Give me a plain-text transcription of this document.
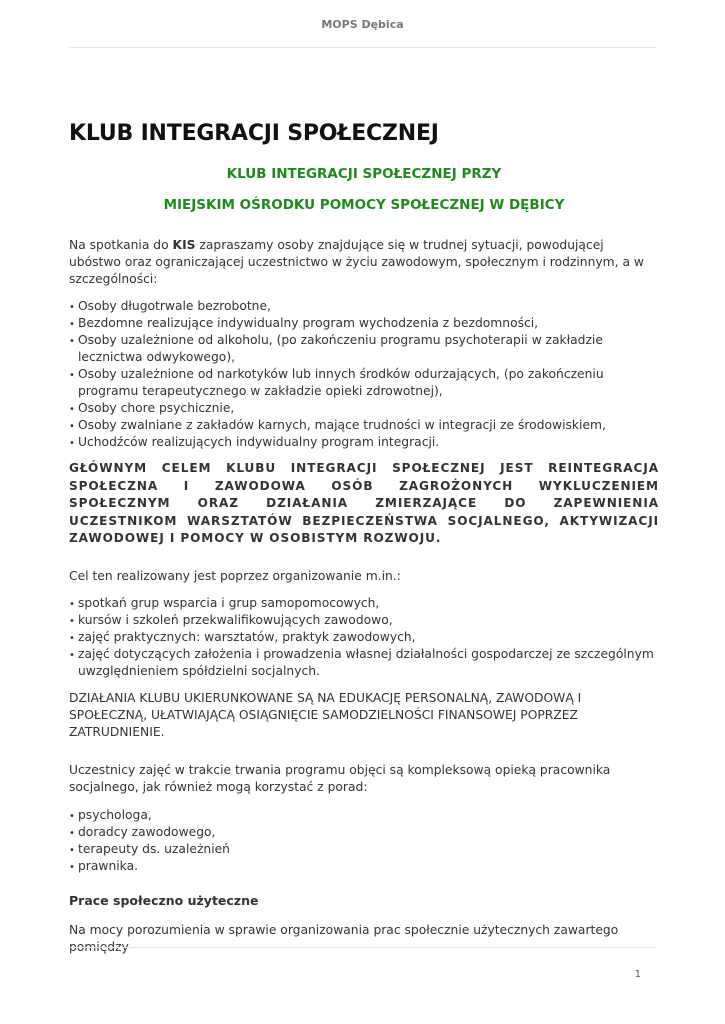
MOPS Dębica
KLUB INTEGRACJI SPOŁECZNEJ

KLUB INTEGRACJI SPOŁECZNEJ PRZY

MIEJSKIM OŚRODKU POMOCY SPOŁECZNEJ W DĘBICY

Na spotkania do KIS zapraszamy osoby znajdujące się w trudnej sytuacji, powodującej ubóstwo oraz ograniczającej uczestnictwo w życiu zawodowym, społecznym i rodzinnym, a w szczególności:

• Osoby długotrwale bezrobotne,
• Bezdomne realizujące indywidualny program wychodzenia z bezdomności,
• Osoby uzależnione od alkoholu, (po zakończeniu programu psychoterapii w zakładzie lecznictwa odwykowego),
• Osoby uzależnione od narkotyków lub innych środków odurzających, (po zakończeniu programu terapeutycznego w zakładzie opieki zdrowotnej),
• Osoby chore psychicznie,
• Osoby zwalniane z zakładów karnych, mające trudności w integracji ze środowiskiem,
• Uchodźców realizujących indywidualny program integracji.

GŁÓWNYM CELEM KLUBU INTEGRACJI SPOŁECZNEJ JEST REINTEGRACJA SPOŁECZNA I ZAWODOWA OSÓB ZAGROŻONYCH WYKLUCZENIEM SPOŁECZNYM ORAZ DZIAŁANIA ZMIERZAJĄCE DO ZAPEWNIENIA UCZESTNIKOM WARSZTATÓW BEZPIECZEŃSTWA SOCJALNEGO, AKTYWIZACJI ZAWODOWEJ I POMOCY W OSOBISTYM ROZWOJU.

Cel ten realizowany jest poprzez organizowanie m.in.:

• spotkań grup wsparcia i grup samopomocowych,
• kursów i szkoleń przekwalifikowujących zawodowo,
• zajęć praktycznych: warsztatów, praktyk zawodowych,
• zajęć dotyczących założenia i prowadzenia własnej działalności gospodarczej ze szczególnym uwzględnieniem spółdzielni socjalnych.

DZIAŁANIA KLUBU UKIERUNKOWANE SĄ NA EDUKACJĘ PERSONALNĄ, ZAWODOWĄ I SPOŁECZNĄ, UŁATWIAJĄCĄ OSIĄGNIĘCIE SAMODZIELNOŚCI FINANSOWEJ POPRZEZ ZATRUDNIENIE.

Uczestnicy zajęć w trakcie trwania programu objęci są kompleksową opieką pracownika socjalnego, jak również mogą korzystać z porad:

• psychologa,
• doradcy zawodowego,
• terapeuty ds. uzależnień
• prawnika.

Prace społeczno użyteczne

Na mocy porozumienia w sprawie organizowania prac społecznie użytecznych zawartego pomiędzy

1
